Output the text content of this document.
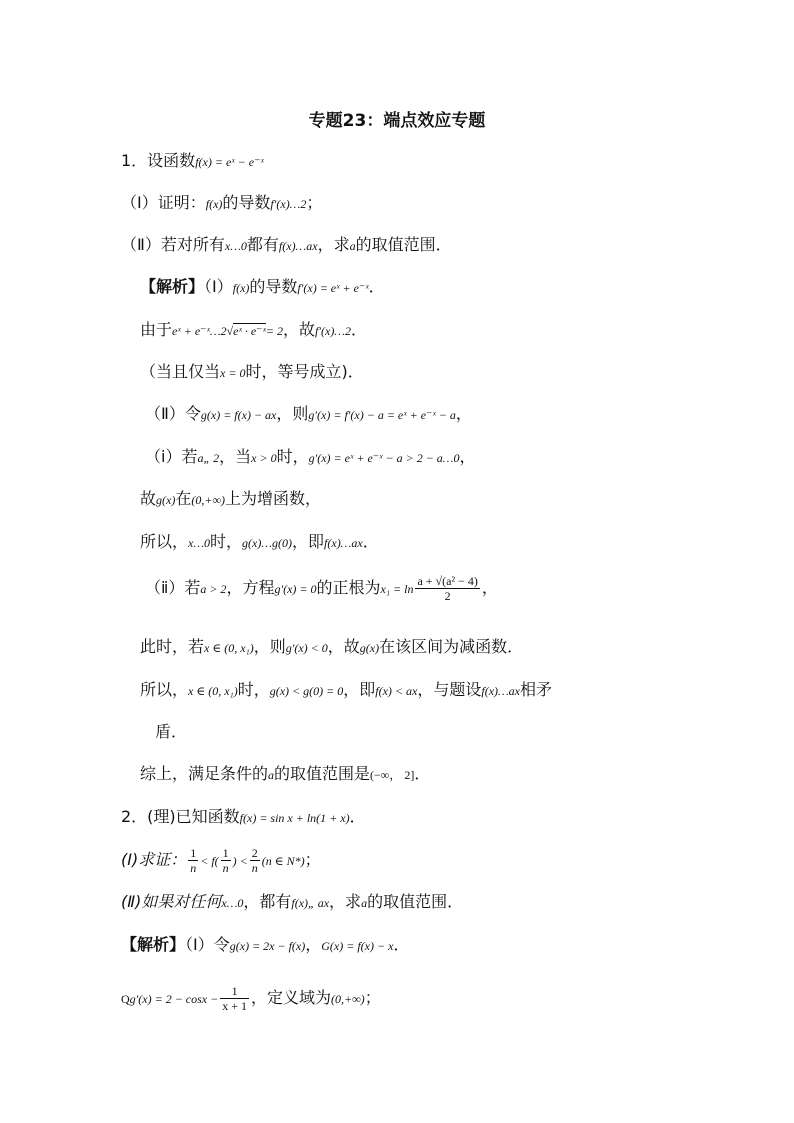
专题23：端点效应专题
1．设函数f(x) = eˣ − e⁻ˣ
（Ⅰ）证明：f(x)的导数f′(x)…2；
（Ⅱ）若对所有x…0都有f(x)…ax，求a的取值范围．
【解析】（Ⅰ）f(x)的导数f′(x) = eˣ + e⁻ˣ．
由于eˣ + e⁻ˣ…2√eˣ · e⁻ˣ= 2，故f′(x)…2．
（当且仅当x = 0时，等号成立)．
（Ⅱ）令g(x) = f(x) − ax，则g′(x) = f′(x) − a = eˣ + e⁻ˣ − a，
（ⅰ）若a„ 2，当x > 0时，g′(x) = eˣ + e⁻ˣ − a > 2 − a…0，
故g(x)在(0,+∞)上为增函数，
所以，x…0时，g(x)…g(0)，即f(x)…ax．
（ⅱ）若a > 2，方程g′(x) = 0的正根为$x_1 = \ln \frac{\text{a + √(a² − 4)}}{2}$ ，
此时，若x ∈ (0, x₁)，则g′(x) < 0，故g(x)在该区间为减函数．
所以，x ∈ (0, x₁)时，g(x) < g(0) = 0，即f(x) < ax，与题设f(x)…ax相矛
盾．
综上，满足条件的a的取值范围是(−∞， 2]．
2．(理)已知函数f(x) = sin x + ln(1 + x)．
(Ⅰ)求证： $\frac{1}{n} < f( \frac{1}{n}$ ) < $\frac{2}{n} (n$ ∈ N*)；
(Ⅱ)如果对任何x…0，都有f(x)„ ax，求a的取值范围．
【解析】（Ⅰ）令g(x) = 2x − f(x)，G(x) = f(x) − x．
$Qg'(x) = 2 - \cos x - \frac{1}{x + 1}$ ，定义域为(0,+∞)；
